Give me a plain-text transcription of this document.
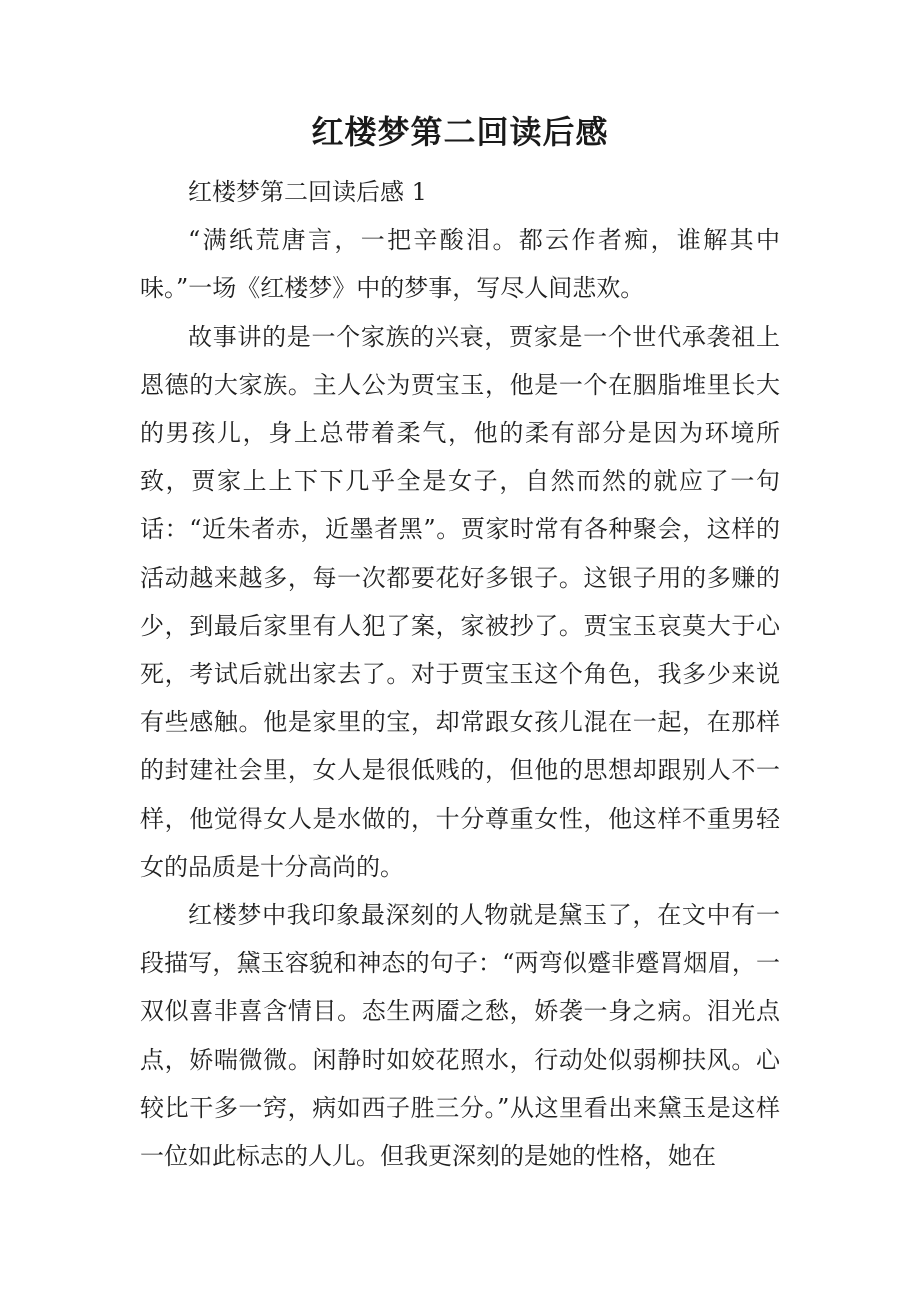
红楼梦第二回读后感

红楼梦第二回读后感 1

“满纸荒唐言，一把辛酸泪。都云作者痴，谁解其中味。”一场《红楼梦》中的梦事，写尽人间悲欢。

故事讲的是一个家族的兴衰，贾家是一个世代承袭祖上恩德的大家族。主人公为贾宝玉，他是一个在胭脂堆里长大的男孩儿，身上总带着柔气，他的柔有部分是因为环境所致，贾家上上下下几乎全是女子，自然而然的就应了一句话：“近朱者赤，近墨者黑”。贾家时常有各种聚会，这样的活动越来越多，每一次都要花好多银子。这银子用的多赚的少，到最后家里有人犯了案，家被抄了。贾宝玉哀莫大于心死，考试后就出家去了。对于贾宝玉这个角色，我多少来说有些感触。他是家里的宝，却常跟女孩儿混在一起，在那样的封建社会里，女人是很低贱的，但他的思想却跟别人不一样，他觉得女人是水做的，十分尊重女性，他这样不重男轻女的品质是十分高尚的。

红楼梦中我印象最深刻的人物就是黛玉了，在文中有一段描写，黛玉容貌和神态的句子：“两弯似蹙非蹙罥烟眉，一双似喜非喜含情目。态生两靥之愁，娇袭一身之病。泪光点点，娇喘微微。闲静时如姣花照水，行动处似弱柳扶风。心较比干多一窍，病如西子胜三分。”从这里看出来黛玉是这样一位如此标志的人儿。但我更深刻的是她的性格，她在
